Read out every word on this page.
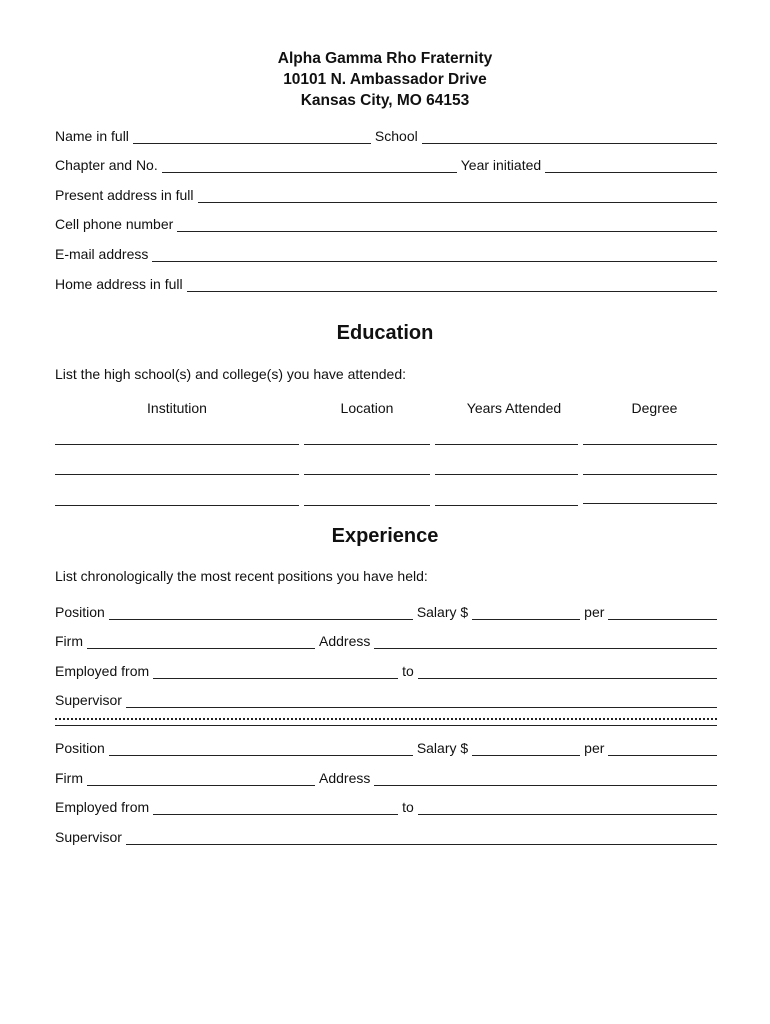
Alpha Gamma Rho Fraternity
10101 N. Ambassador Drive
Kansas City, MO 64153
Name in full	School
Chapter and No.	Year initiated
Present address in full
Cell phone number
E-mail address
Home address in full
Education
List the high school(s) and college(s) you have attended:
Institution	Location	Years Attended	Degree
Experience
List chronologically the most recent positions you have held:
Position	Salary $	per
Firm	Address
Employed from	to
Supervisor
Position	Salary $	per
Firm	Address
Employed from	to
Supervisor
